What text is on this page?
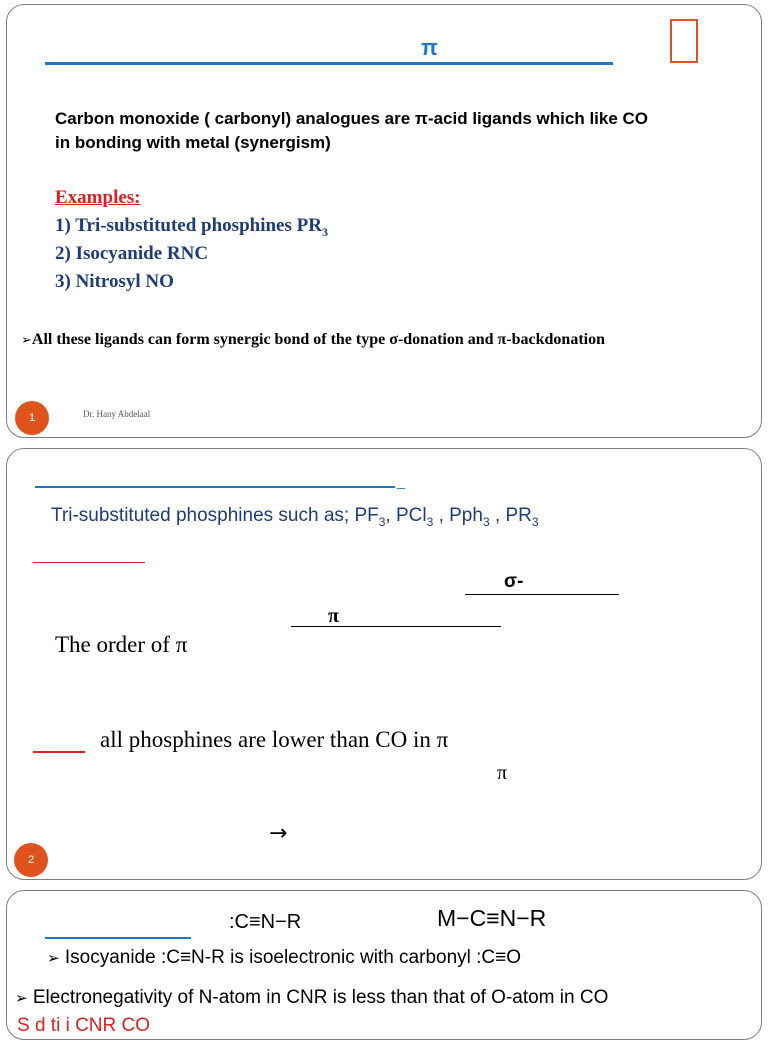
π
Carbon monoxide ( carbonyl) analogues are π-acid ligands which like CO
in bonding with metal (synergism)
Examples:
1) Tri-substituted phosphines $PR_3$
2) Isocyanide RNC
3) Nitrosyl NO
➢All these ligands can form synergic bond of the type σ-donation and π-backdonation
1	Dr. Hany Abdelaal
_
Tri-substituted phosphines such as; $PF_3$, PCl$_3$ , Pph$_3$ , $PR_3$
σ-
π
The order of π
all phosphines are lower than CO in π
π
→
2
:C≡N−R	M−C≡N−R
➢ Isocyanide :C≡N-R is isoelectronic with carbonyl :C≡O
➢ Electronegativity of N-atom in CNR is less than that of O-atom in CO
S d ti i CNR CO
